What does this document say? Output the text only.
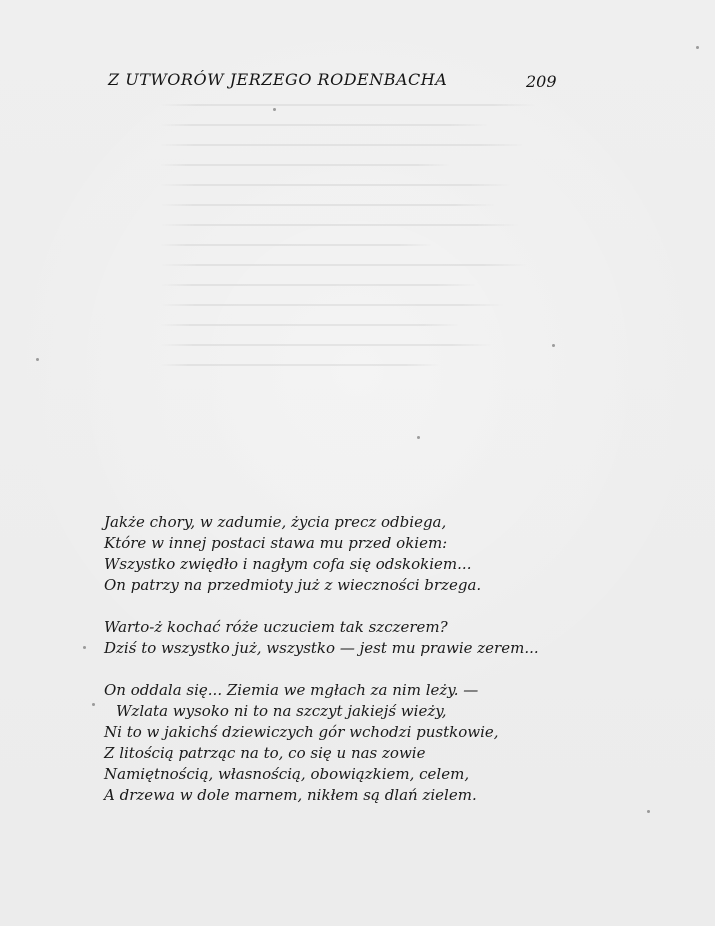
Z UTWORÓW JERZEGO RODENBACHA	209
Jakże chory, w zadumie, życia precz odbiega,
Które w innej postaci stawa mu przed okiem:
Wszystko zwiędło i nagłym cofa się odskokiem...
On patrzy na przedmioty już z wieczności brzega.
Warto-ż kochać róże uczuciem tak szczerem?
Dziś to wszystko już, wszystko — jest mu prawie zerem...
On oddala się... Ziemia we mgłach za nim leży. —
Wzlata wysoko ni to na szczyt jakiejś wieży,
Ni to w jakichś dziewiczych gór wchodzi pustkowie,
Z litością patrząc na to, co się u nas zowie
Namiętnością, własnością, obowiązkiem, celem,
A drzewa w dole marnem, nikłem są dlań zielem.
